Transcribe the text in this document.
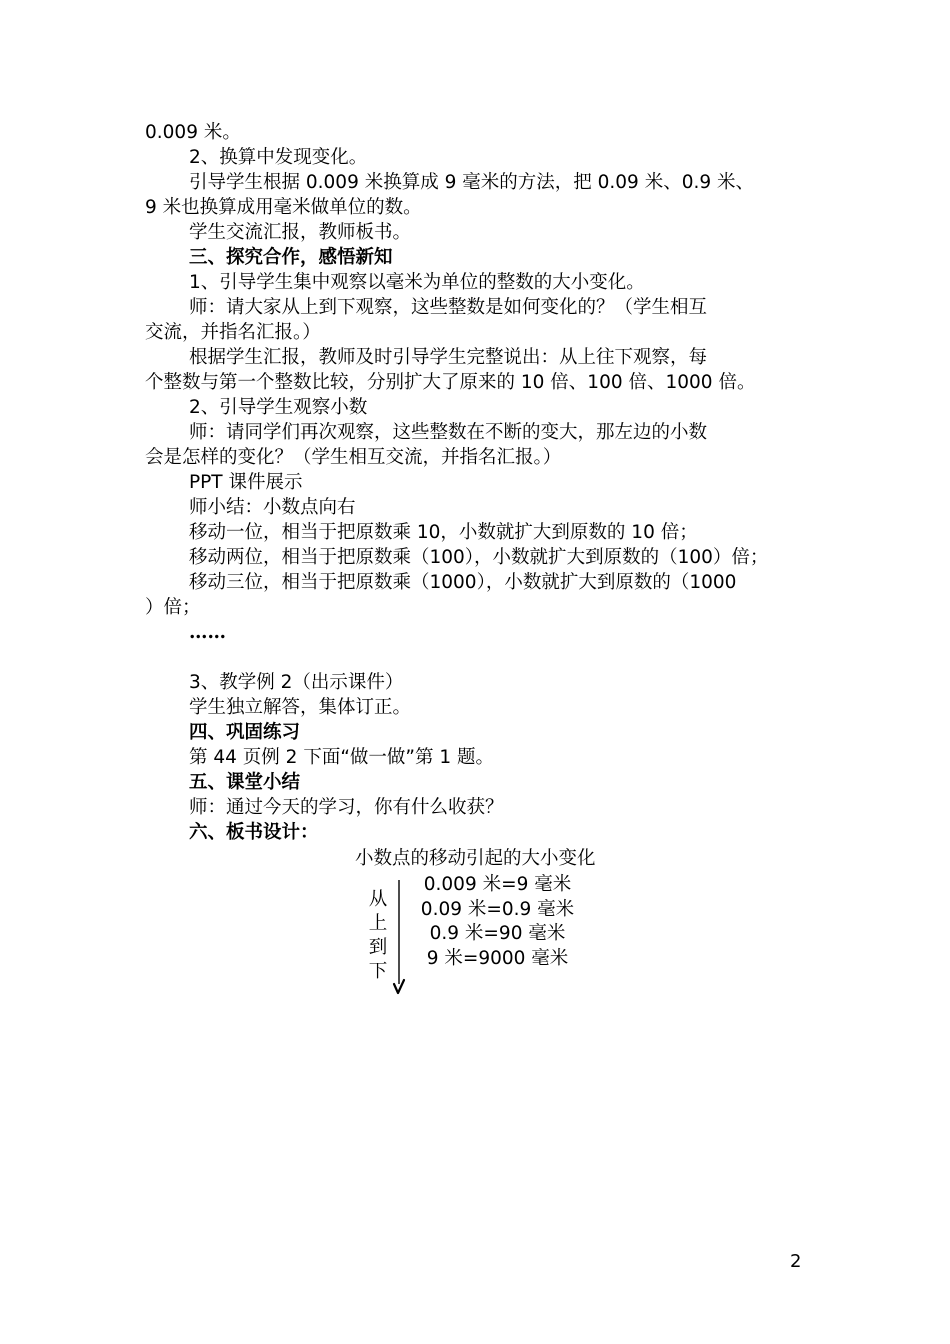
0.009 米。
2、换算中发现变化。
引导学生根据 0.009 米换算成 9 毫米的方法，把 0.09 米、0.9 米、
9 米也换算成用毫米做单位的数。
学生交流汇报，教师板书。
三、探究合作，感悟新知
1、引导学生集中观察以毫米为单位的整数的大小变化。
师：请大家从上到下观察，这些整数是如何变化的？（学生相互
交流，并指名汇报。）
根据学生汇报，教师及时引导学生完整说出：从上往下观察，每
个整数与第一个整数比较，分别扩大了原来的 10 倍、100 倍、1000 倍。
2、引导学生观察小数
师：请同学们再次观察，这些整数在不断的变大，那左边的小数
会是怎样的变化？（学生相互交流，并指名汇报。）
PPT 课件展示
师小结：小数点向右
移动一位，相当于把原数乘 10，小数就扩大到原数的 10 倍；
移动两位，相当于把原数乘（100），小数就扩大到原数的（100）倍；
移动三位，相当于把原数乘（1000），小数就扩大到原数的（1000
）倍；
……
3、教学例 2（出示课件）
学生独立解答，集体订正。
四、巩固练习
第 44 页例 2 下面“做一做”第 1 题。
五、课堂小结
师：通过今天的学习，你有什么收获？
六、板书设计：
小数点的移动引起的大小变化
0.009 米=9 毫米
0.09 米=0.9 毫米
0.9 米=90 毫米
9 米=9000 毫米
从
上
到
下
2
